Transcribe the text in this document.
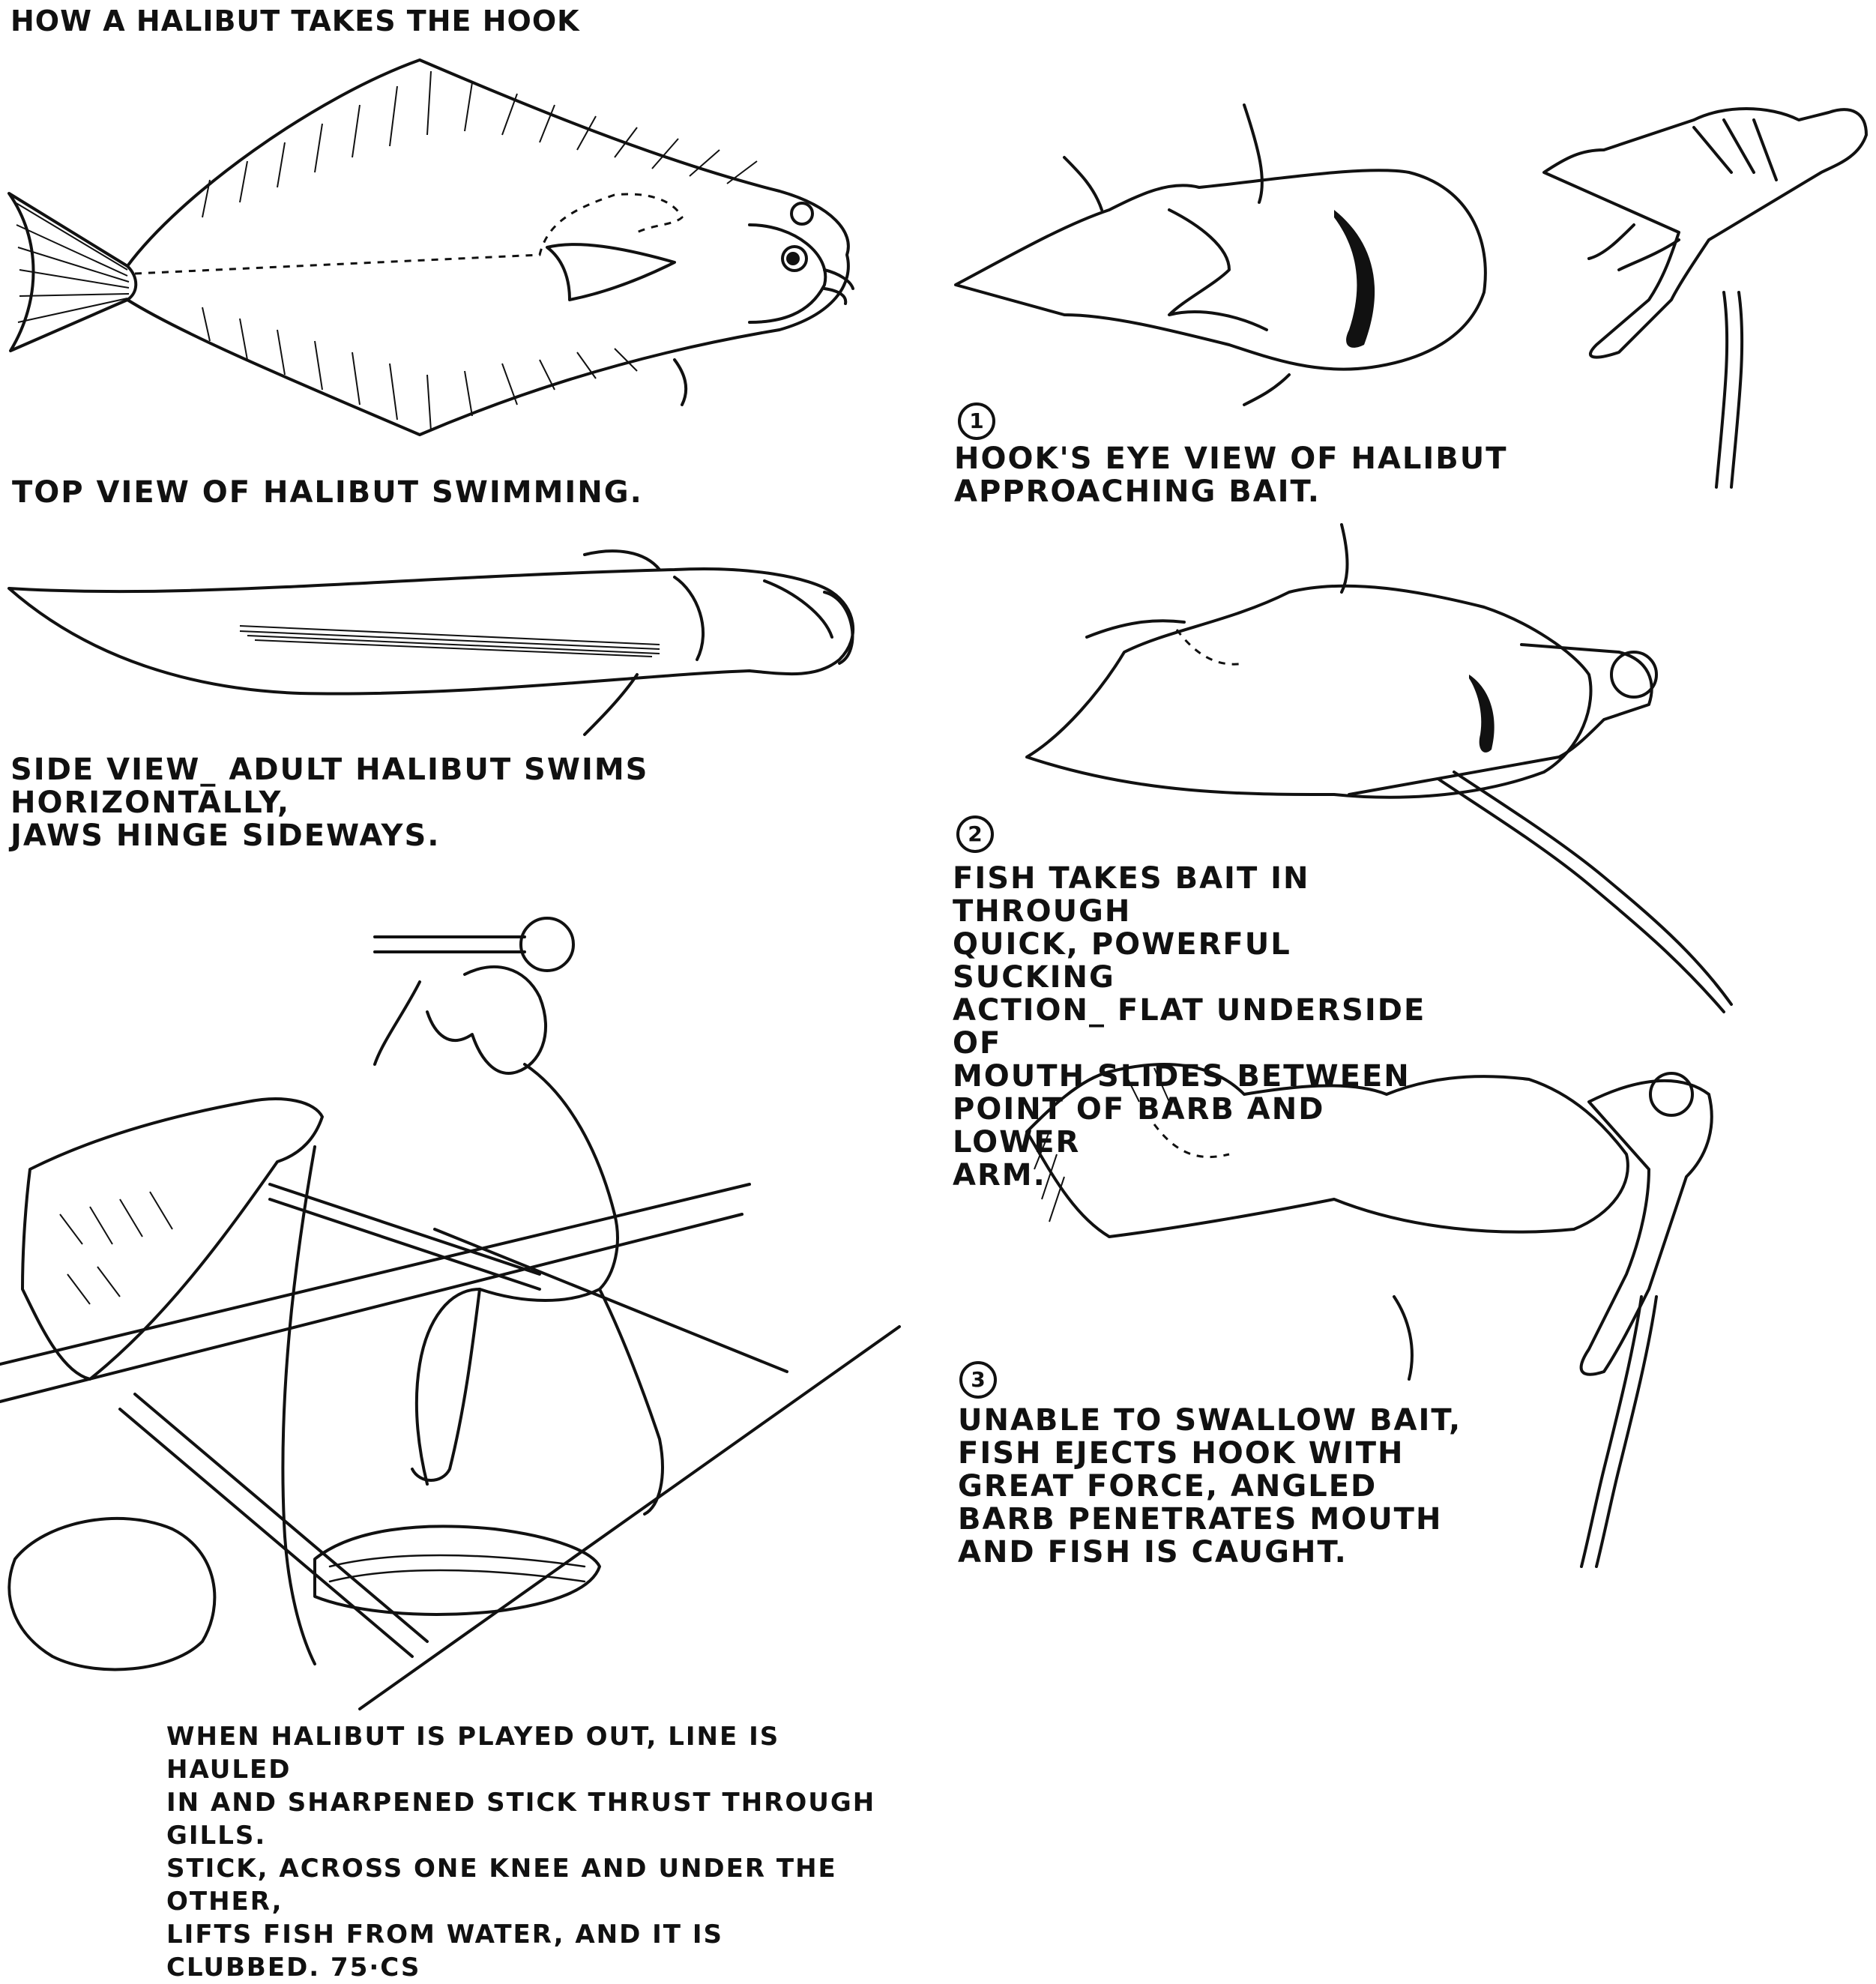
HOW A HALIBUT TAKES THE HOOK
TOP VIEW OF HALIBUT SWIMMING.
SIDE VIEW_ ADULT HALIBUT SWIMS HORIZONTALLY,
JAWS HINGE SIDEWAYS.
WHEN HALIBUT IS PLAYED OUT, LINE IS HAULED
IN AND SHARPENED STICK THRUST THROUGH GILLS.
STICK, ACROSS ONE KNEE AND UNDER THE OTHER,
LIFTS FISH FROM WATER, AND IT IS CLUBBED. 75·CS
1
HOOK'S EYE VIEW OF HALIBUT
APPROACHING BAIT.
2
FISH TAKES BAIT IN THROUGH
QUICK, POWERFUL SUCKING
ACTION_ FLAT UNDERSIDE OF
MOUTH SLIDES BETWEEN
POINT OF BARB AND LOWER
ARM.
3
UNABLE TO SWALLOW BAIT,
FISH EJECTS HOOK WITH
GREAT FORCE, ANGLED
BARB PENETRATES MOUTH
AND FISH IS CAUGHT.
